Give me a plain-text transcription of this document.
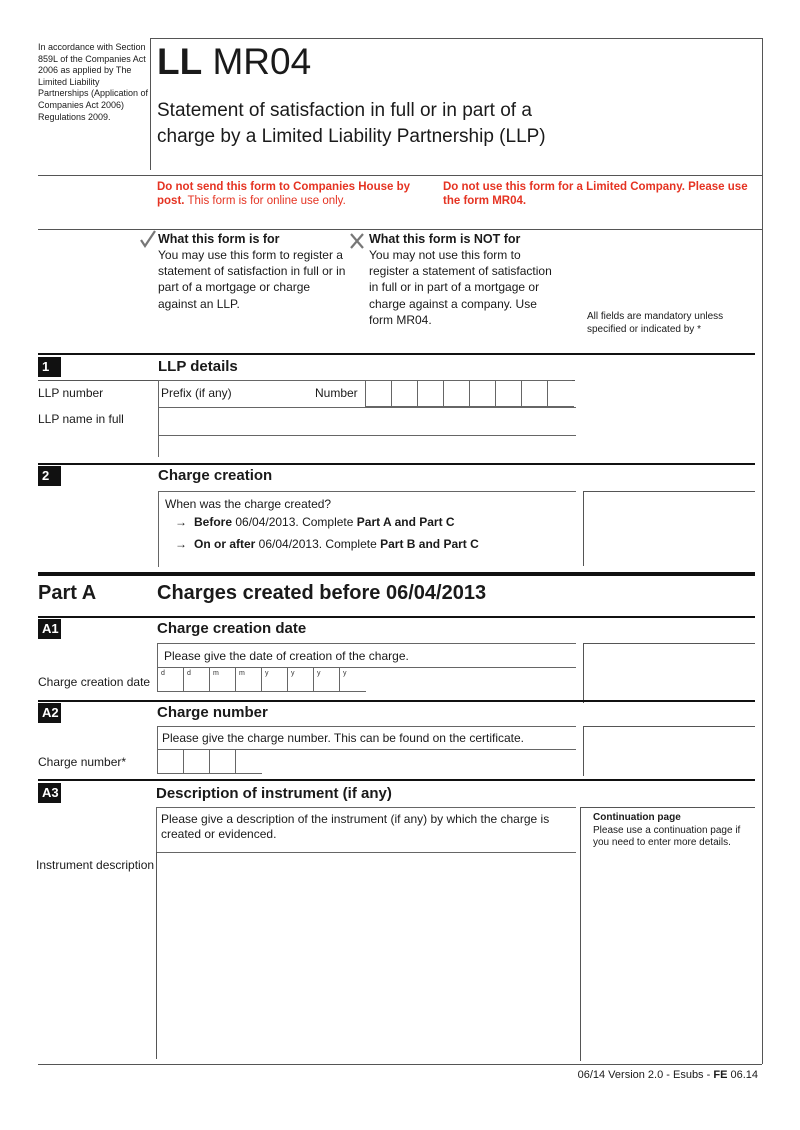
In accordance with Section 859L of the Companies Act 2006 as applied by The Limited Liability Partnerships (Application of Companies Act 2006) Regulations 2009.
LL MR04
Statement of satisfaction in full or in part of a charge by a Limited Liability Partnership (LLP)
Do not send this form to Companies House by post. This form is for online use only.
Do not use this form for a Limited Company. Please use the form MR04.
What this form is for
You may use this form to register a statement of satisfaction in full or in part of a mortgage or charge against an LLP.
What this form is NOT for
You may not use this form to register a statement of satisfaction in full or in part of a mortgage or charge against a company. Use form MR04.	All fields are mandatory unless specified or indicated by *
1	LLP details
LLP number	Prefix (if any)	Number
LLP name in full
2	Charge creation
When was the charge created?
→ Before 06/04/2013. Complete Part A and Part C
→ On or after 06/04/2013. Complete Part B and Part C
Part A	Charges created before 06/04/2013
A1	Charge creation date
Please give the date of creation of the charge.
Charge creation date
d	d	m	m	y	y	y	y
A2	Charge number
Please give the charge number. This can be found on the certificate.
Charge number*
A3	Description of instrument (if any)
Please give a description of the instrument (if any) by which the charge is created or evidenced.
Continuation page
Please use a continuation page if you need to enter more details.
Instrument description
06/14 Version 2.0 - Esubs - FE 06.14
